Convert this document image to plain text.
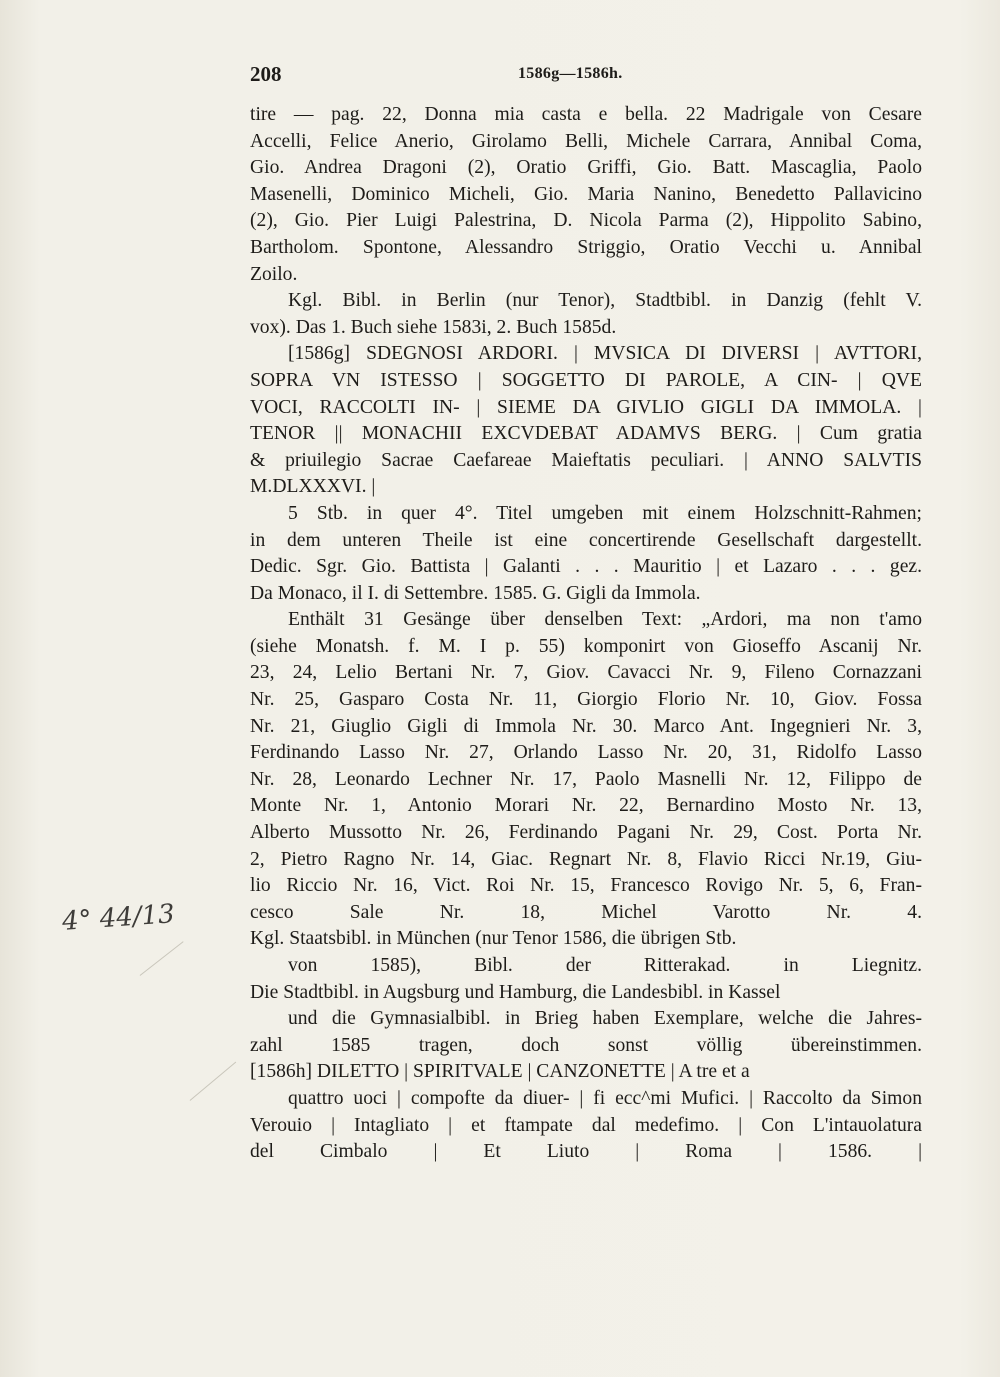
208	1586g—1586h.
tire — pag. 22, Donna mia casta e bella. 22 Madrigale von Cesare
Accelli, Felice Anerio, Girolamo Belli, Michele Carrara, Annibal Coma,
Gio. Andrea Dragoni (2), Oratio Griffi, Gio. Batt. Mascaglia, Paolo
Masenelli, Dominico Micheli, Gio. Maria Nanino, Benedetto Pallavicino
(2), Gio. Pier Luigi Palestrina, D. Nicola Parma (2), Hippolito Sabino,
Bartholom. Spontone, Alessandro Striggio, Oratio Vecchi u. Annibal
Zoilo.
Kgl. Bibl. in Berlin (nur Tenor), Stadtbibl. in Danzig (fehlt V.
vox). Das 1. Buch siehe 1583i, 2. Buch 1585d.
[1586g] SDEGNOSI ARDORI. | MVSICA DI DIVERSI | AVTTORI,
SOPRA VN ISTESSO | SOGGETTO DI PAROLE, A CIN- | QVE
VOCI, RACCOLTI IN- | SIEME DA GIVLIO GIGLI DA IMMOLA. |
TENOR || MONACHII EXCVDEBAT ADAMVS BERG. | Cum gratia
& priuilegio Sacrae Caefareae Maieftatis peculiari. | ANNO SALVTIS
M.DLXXXVI. |
5 Stb. in quer 4°. Titel umgeben mit einem Holzschnitt-Rahmen;
in dem unteren Theile ist eine concertirende Gesellschaft dargestellt.
Dedic. Sgr. Gio. Battista | Galanti . . . Mauritio | et Lazaro . . . gez.
Da Monaco, il I. di Settembre. 1585. G. Gigli da Immola.
Enthält 31 Gesänge über denselben Text: „Ardori, ma non t'amo
(siehe Monatsh. f. M. I p. 55) komponirt von Gioseffo Ascanij Nr.
23, 24, Lelio Bertani Nr. 7, Giov. Cavacci Nr. 9, Fileno Cornazzani
Nr. 25, Gasparo Costa Nr. 11, Giorgio Florio Nr. 10, Giov. Fossa
Nr. 21, Giuglio Gigli di Immola Nr. 30. Marco Ant. Ingegnieri Nr. 3,
Ferdinando Lasso Nr. 27, Orlando Lasso Nr. 20, 31, Ridolfo Lasso
Nr. 28, Leonardo Lechner Nr. 17, Paolo Masnelli Nr. 12, Filippo de
Monte Nr. 1, Antonio Morari Nr. 22, Bernardino Mosto Nr. 13,
Alberto Mussotto Nr. 26, Ferdinando Pagani Nr. 29, Cost. Porta Nr.
2, Pietro Ragno Nr. 14, Giac. Regnart Nr. 8, Flavio Ricci Nr.19, Giu-
lio Riccio Nr. 16, Vict. Roi Nr. 15, Francesco Rovigo Nr. 5, 6, Fran-
cesco Sale Nr. 18, Michel Varotto Nr. 4.
Kgl. Staatsbibl. in München (nur Tenor 1586, die übrigen Stb.
von 1585), Bibl. der Ritterakad. in Liegnitz.
Die Stadtbibl. in Augsburg und Hamburg, die Landesbibl. in Kassel
und die Gymnasialbibl. in Brieg haben Exemplare, welche die Jahres-
zahl 1585 tragen, doch sonst völlig übereinstimmen.
[1586h] DILETTO | SPIRITVALE | CANZONETTE | A tre et a
quattro uoci | compofte da diuer- | fi ecc^mi Mufici. | Raccolto da Simon
Verouio | Intagliato | et ftampate dal medefimo. | Con L'intauolatura
del Cimbalo | Et Liuto | Roma | 1586. |
4° 44/13
